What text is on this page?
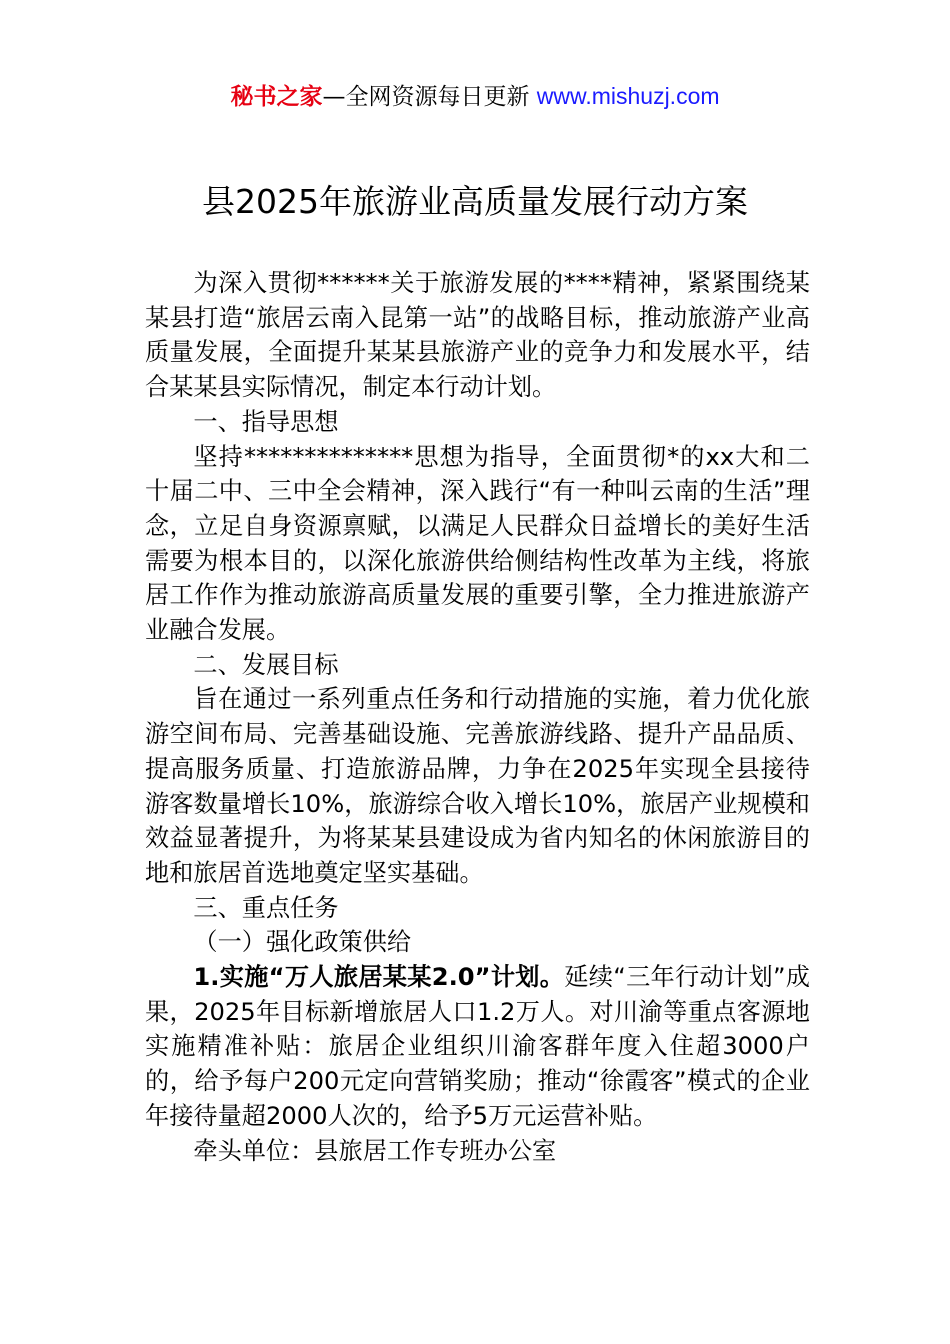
秘书之家—全网资源每日更新 www.mishuzj.com
县2025年旅游业高质量发展行动方案

为深入贯彻******关于旅游发展的****精神，紧紧围绕某某县打造“旅居云南入昆第一站”的战略目标，推动旅游产业高质量发展，全面提升某某县旅游产业的竞争力和发展水平，结合某某县实际情况，制定本行动计划。

一、指导思想

坚持**************思想为指导，全面贯彻*的xx大和二十届二中、三中全会精神，深入践行“有一种叫云南的生活”理念，立足自身资源禀赋，以满足人民群众日益增长的美好生活需要为根本目的，以深化旅游供给侧结构性改革为主线，将旅居工作作为推动旅游高质量发展的重要引擎，全力推进旅游产业融合发展。

二、发展目标

旨在通过一系列重点任务和行动措施的实施，着力优化旅游空间布局、完善基础设施、完善旅游线路、提升产品品质、提高服务质量、打造旅游品牌，力争在2025年实现全县接待游客数量增长10%，旅游综合收入增长10%，旅居产业规模和效益显著提升，为将某某县建设成为省内知名的休闲旅游目的地和旅居首选地奠定坚实基础。

三、重点任务

（一）强化政策供给

1.实施“万人旅居某某2.0”计划。延续“三年行动计划”成果，2025年目标新增旅居人口1.2万人。对川渝等重点客源地实施精准补贴：旅居企业组织川渝客群年度入住超3000户的，给予每户200元定向营销奖励；推动“徐霞客”模式的企业年接待量超2000人次的，给予5万元运营补贴。

牵头单位：县旅居工作专班办公室
